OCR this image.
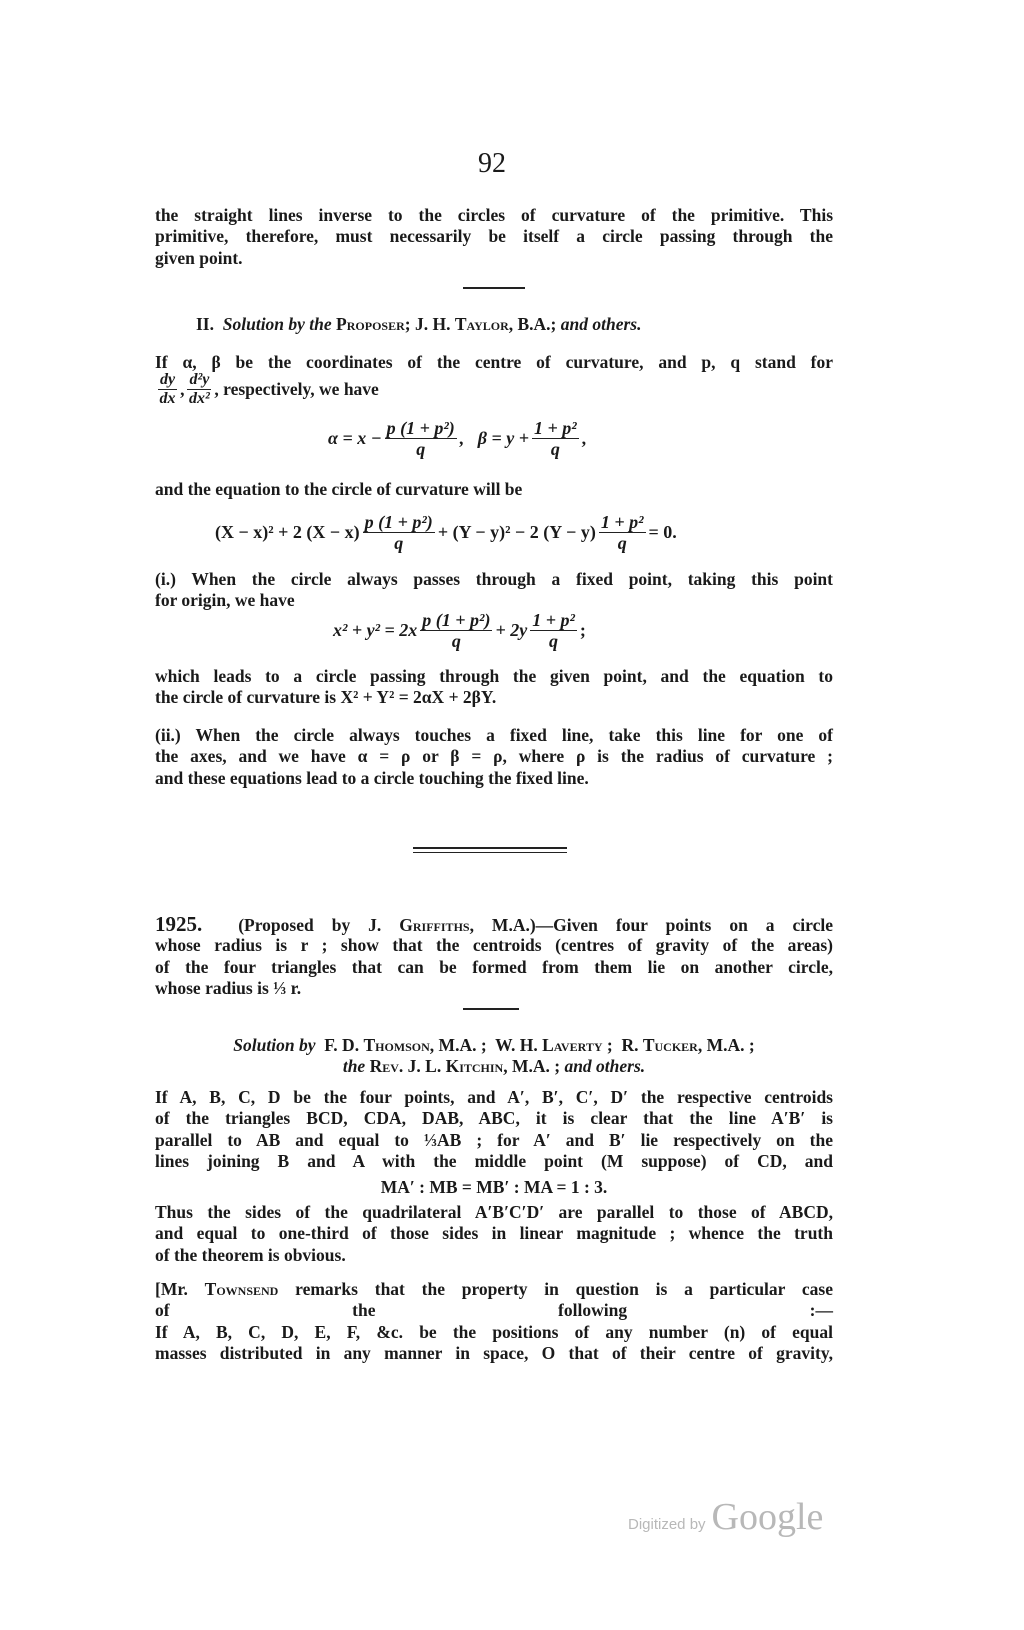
92
the straight lines inverse to the circles of curvature of the primitive. This
primitive, therefore, must necessarily be itself a circle passing through the
given point.
II.  Solution by the Proposer; J. H. Taylor, B.A.; and others.
If α, β be the coordinates of the centre of curvature, and p, q stand for
$\frac{dy}{dx}$ , $\frac{\text{d²y}}{\text{dx²}}$ , respectively, we have
$\alpha = x - \frac{\text{p (1 + p²)}}{q}$ ,   $\beta = y + \frac{\text{1 + p²}}{q}$ ,
and the equation to the circle of curvature will be
(X − x)² + 2 $(X - x) \frac{\text{p (1 + p²)}}{q} + (Y - y)^2 - 2$ $(Y - y) \frac{\text{1 + p²}}{q} = 0$.
(i.) When the circle always passes through a fixed point, taking this point
for origin, we have
$x^2 + y^2 = 2x \frac{\text{p (1 + p²)}}{q} + 2y \frac{\text{1 + p²}}{q}$ ;
which leads to a circle passing through the given point, and the equation to
the circle of curvature is X² + Y² = 2αX + 2βY.
(ii.) When the circle always touches a fixed line, take this line for one of
the axes, and we have α = ρ or β = ρ, where ρ is the radius of curvature ;
and these equations lead to a circle touching the fixed line.
1925.  (Proposed by J. Griffiths, M.A.)—Given four points on a circle
whose radius is r ; show that the centroids (centres of gravity of the areas)
of the four triangles that can be formed from them lie on another circle,
whose radius is ⅓ r.
Solution by  F. D. Thomson, M.A. ;  W. H. Laverty ;  R. Tucker, M.A. ;
the Rev. J. L. Kitchin, M.A. ; and others.
If A, B, C, D be the four points, and A′, B′, C′, D′ the respective centroids
of the triangles BCD, CDA, DAB, ABC, it is clear that the line A′B′ is
parallel to AB and equal to ⅓AB ; for A′ and B′ lie respectively on the
lines joining B and A with the middle point (M suppose) of CD, and
MA′ : MB = MB′ : MA = 1 : 3.
Thus the sides of the quadrilateral A′B′C′D′ are parallel to those of ABCD,
and equal to one-third of those sides in linear magnitude ; whence the truth
of the theorem is obvious.
[Mr. Townsend remarks that the property in question is a particular case
of the following :—
If A, B, C, D, E, F, &c. be the positions of any number (n) of equal
masses distributed in any manner in space, O that of their centre of gravity,
Digitized by Google
